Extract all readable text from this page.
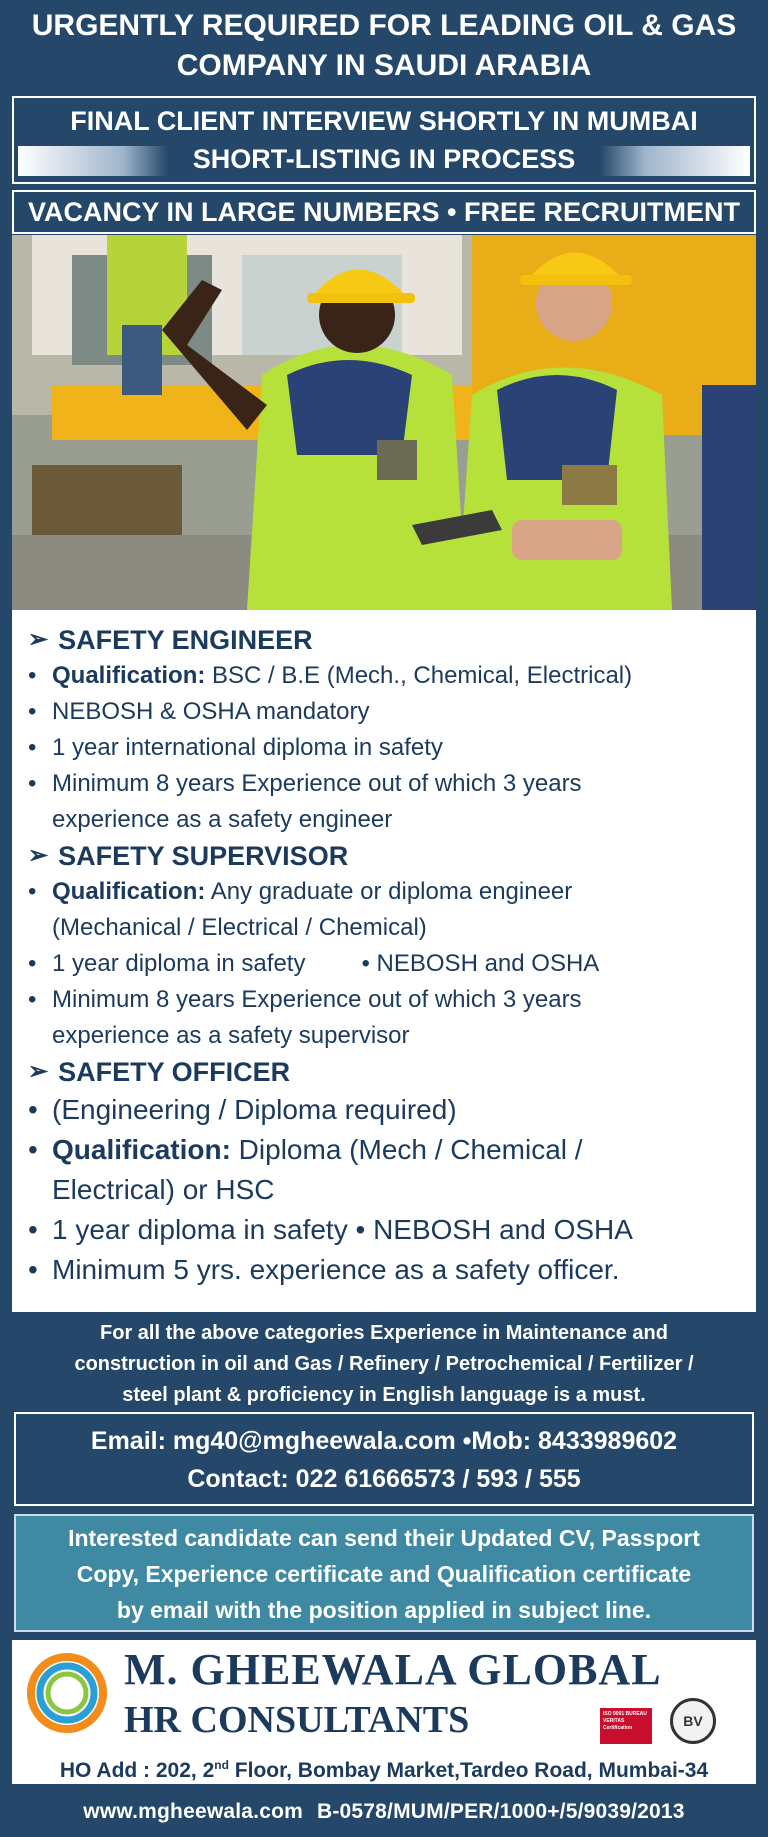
URGENTLY REQUIRED FOR LEADING OIL & GAS
COMPANY IN SAUDI ARABIA
FINAL CLIENT INTERVIEW SHORTLY IN MUMBAI
SHORT-LISTING IN PROCESS
VACANCY IN LARGE NUMBERS • FREE RECRUITMENT
➢ SAFETY ENGINEER
• Qualification: BSC / B.E (Mech., Chemical, Electrical)
• NEBOSH & OSHA mandatory
• 1 year international diploma in safety
• Minimum 8 years Experience out of which 3 years
experience as a safety engineer
➢ SAFETY SUPERVISOR
• Qualification: Any graduate or diploma engineer
(Mechanical / Electrical / Chemical)
• 1 year diploma in safety • NEBOSH and OSHA
• Minimum 8 years Experience out of which 3 years
experience as a safety supervisor
➢ SAFETY OFFICER
• (Engineering / Diploma required)
• Qualification: Diploma (Mech / Chemical /
Electrical) or HSC
• 1 year diploma in safety • NEBOSH and OSHA
• Minimum 5 yrs. experience as a safety officer.
For all the above categories Experience in Maintenance and
construction in oil and Gas / Refinery / Petrochemical / Fertilizer /
steel plant & proficiency in English language is a must.
Email: mg40@mgheewala.com •Mob: 8433989602
Contact: 022 61666573 / 593 / 555
Interested candidate can send their Updated CV, Passport
Copy, Experience certificate and Qualification certificate
by email with the position applied in subject line.
M. GHEEWALA GLOBAL
HR CONSULTANTS	ISO 9001 BUREAU VERITAS Certification	BV
HO Add : 202, 2nd Floor, Bombay Market,Tardeo Road, Mumbai-34
www.mgheewala.com B-0578/MUM/PER/1000+/5/9039/2013
